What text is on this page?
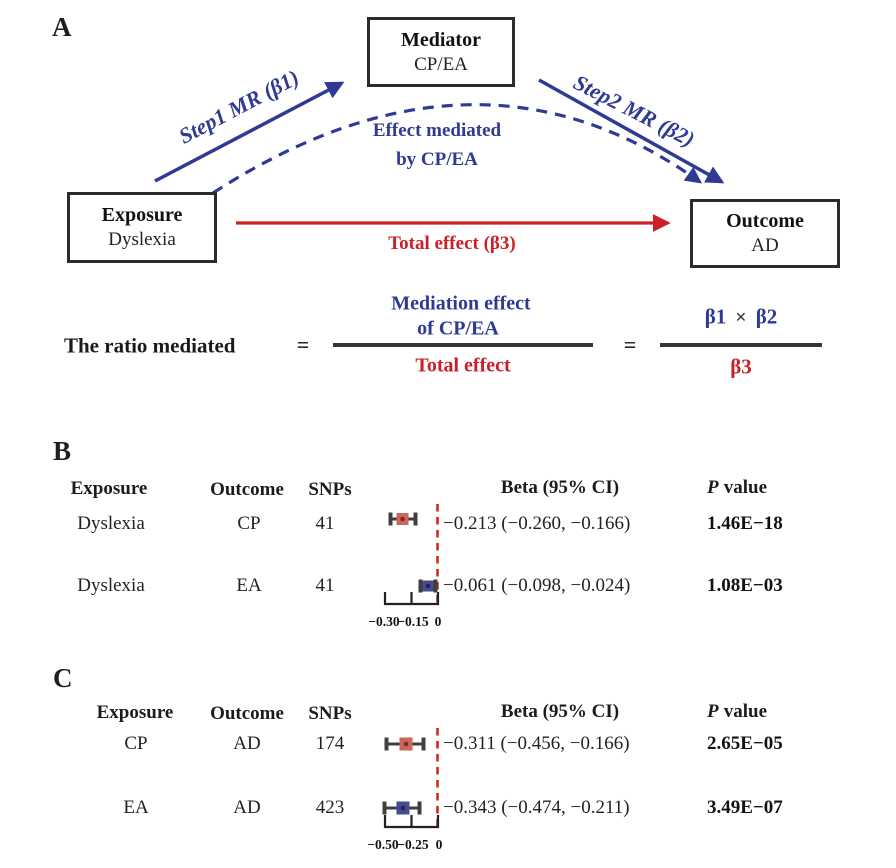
A	Mediator
CP/EA
Exposure
Dyslexia
Outcome
AD
Step1 MR (β1)	Step2 MR (β2)
Effect mediated
by CP/EA
Total effect (β3)
The ratio mediated	=
Mediation effect
of CP/EA
Total effect
=
β1 × β2
β3
B
Exposure	Outcome SNPs	Beta (95% CI)	P value
Dyslexia	CP	41	−0.213 (−0.260, −0.166)	1.46E−18
Dyslexia	EA	41	−0.061 (−0.098, −0.024)	1.08E−03
−0.30
−0.15 0
C
Exposure Outcome SNPs	Beta (95% CI)	P value
CP	AD	174	−0.311 (−0.456, −0.166)	2.65E−05
EA	AD	423	−0.343 (−0.474, −0.211)	3.49E−07
−0.50
−0.25 0
